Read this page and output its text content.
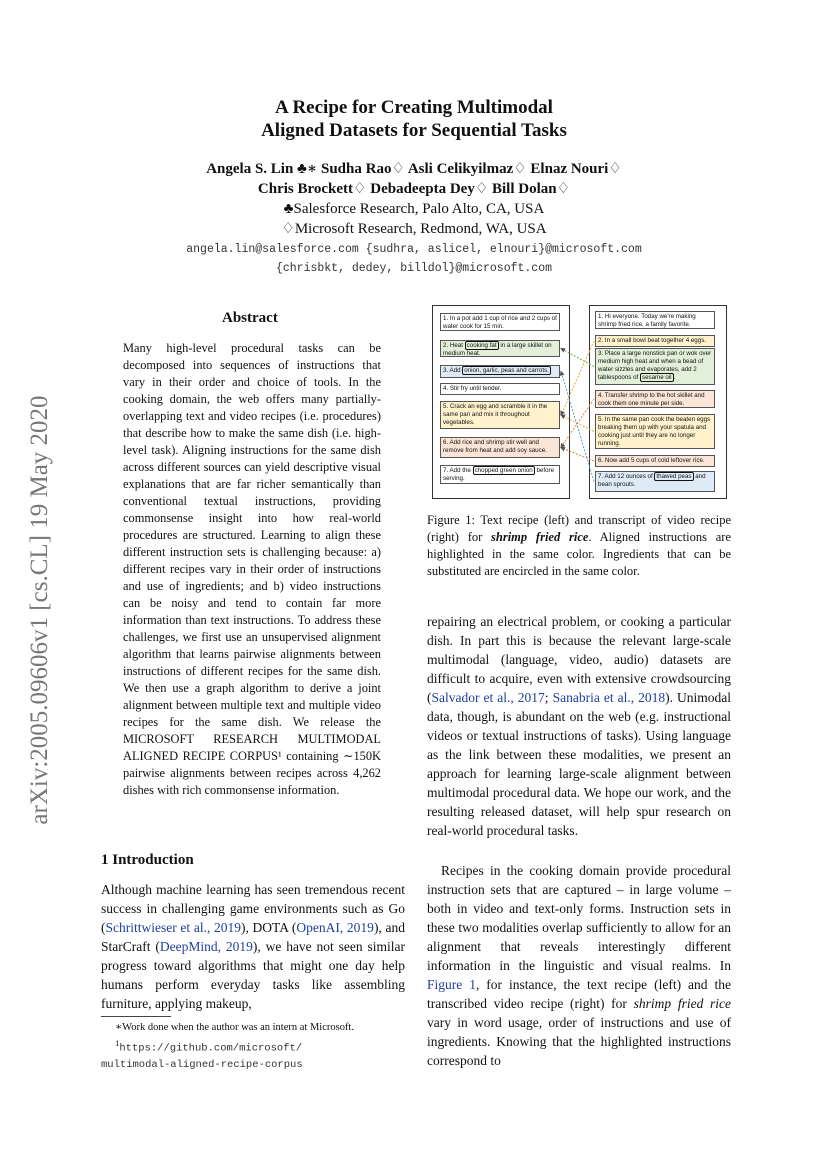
A Recipe for Creating Multimodal
Aligned Datasets for Sequential Tasks
Angela S. Lin ♣∗ Sudha Rao♢ Asli Celikyilmaz♢ Elnaz Nouri♢
Chris Brockett♢ Debadeepta Dey♢ Bill Dolan♢
♣Salesforce Research, Palo Alto, CA, USA
♢Microsoft Research, Redmond, WA, USA
angela.lin@salesforce.com {sudhra, aslicel, elnouri}@microsoft.com
{chrisbkt, dedey, billdol}@microsoft.com
arXiv:2005.09606v1 [cs.CL] 19 May 2020
Abstract
Many high-level procedural tasks can be decomposed into sequences of instructions that vary in their order and choice of tools. In the cooking domain, the web offers many partially-overlapping text and video recipes (i.e. procedures) that describe how to make the same dish (i.e. high-level task). Aligning instructions for the same dish across different sources can yield descriptive visual explanations that are far richer semantically than conventional textual instructions, providing commonsense insight into how real-world procedures are structured. Learning to align these different instruction sets is challenging because: a) different recipes vary in their order of instructions and use of ingredients; and b) video instructions can be noisy and tend to contain far more information than text instructions. To address these challenges, we first use an unsupervised alignment algorithm that learns pairwise alignments between instructions of different recipes for the same dish. We then use a graph algorithm to derive a joint alignment between multiple text and multiple video recipes for the same dish. We release the MICROSOFT RESEARCH MULTIMODAL ALIGNED RECIPE CORPUS¹ containing ∼150K pairwise alignments between recipes across 4,262 dishes with rich commonsense information.
1 Introduction
Although machine learning has seen tremendous recent success in challenging game environments such as Go (Schrittwieser et al., 2019), DOTA (OpenAI, 2019), and StarCraft (DeepMind, 2019), we have not seen similar progress toward algorithms that might one day help humans perform everyday tasks like assembling furniture, applying makeup,
repairing an electrical problem, or cooking a particular dish. In part this is because the relevant large-scale multimodal (language, video, audio) datasets are difficult to acquire, even with extensive crowdsourcing (Salvador et al., 2017; Sanabria et al., 2018). Unimodal data, though, is abundant on the web (e.g. instructional videos or textual instructions of tasks). Using language as the link between these modalities, we present an approach for learning large-scale alignment between multimodal procedural data. We hope our work, and the resulting released dataset, will help spur research on real-world procedural tasks.
Recipes in the cooking domain provide procedural instruction sets that are captured – in large volume – both in video and text-only forms. Instruction sets in these two modalities overlap sufficiently to allow for an alignment that reveals interestingly different information in the linguistic and visual realms. In Figure 1, for instance, the text recipe (left) and the transcribed video recipe (right) for shrimp fried rice vary in word usage, order of instructions and use of ingredients. Knowing that the highlighted instructions correspond to
∗Work done when the author was an intern at Microsoft.
$^1$https://github.com/microsoft/
multimodal-aligned-recipe-corpus
1. In a pot add 1 cup of rice and 2 cups of water cook for 15 min.
2. Heat cooking fat in a large skillet on medium heat.
3. Add onion, garlic, peas and carrots.
4. Stir fry until tender.
5. Crack an egg and scramble it in the same pan and mix it throughout vegetables.
6. Add rice and shrimp stir well and remove from heat and add soy sauce.
7. Add the chopped green onion before serving.
1. Hi everyone. Today we're making shrimp fried rice, a family favorite.
2. In a small bowl beat together 4 eggs.
3. Place a large nonstick pan or wok over medium high heat and when a bead of water sizzles and evaporates, add 2 tablespoons of sesame oil .
4. Transfer shrimp to the hot skillet and cook them one minute per side.
5. In the same pan cook the beaten eggs breaking them up with your spatula and cooking just until they are no longer running.
6. Now add 5 cups of cold leftover rice.
7. Add 12 ounces of thawed peas and bean sprouts.
Figure 1: Text recipe (left) and transcript of video recipe (right) for shrimp fried rice. Aligned instructions are highlighted in the same color. Ingredients that can be substituted are encircled in the same color.
